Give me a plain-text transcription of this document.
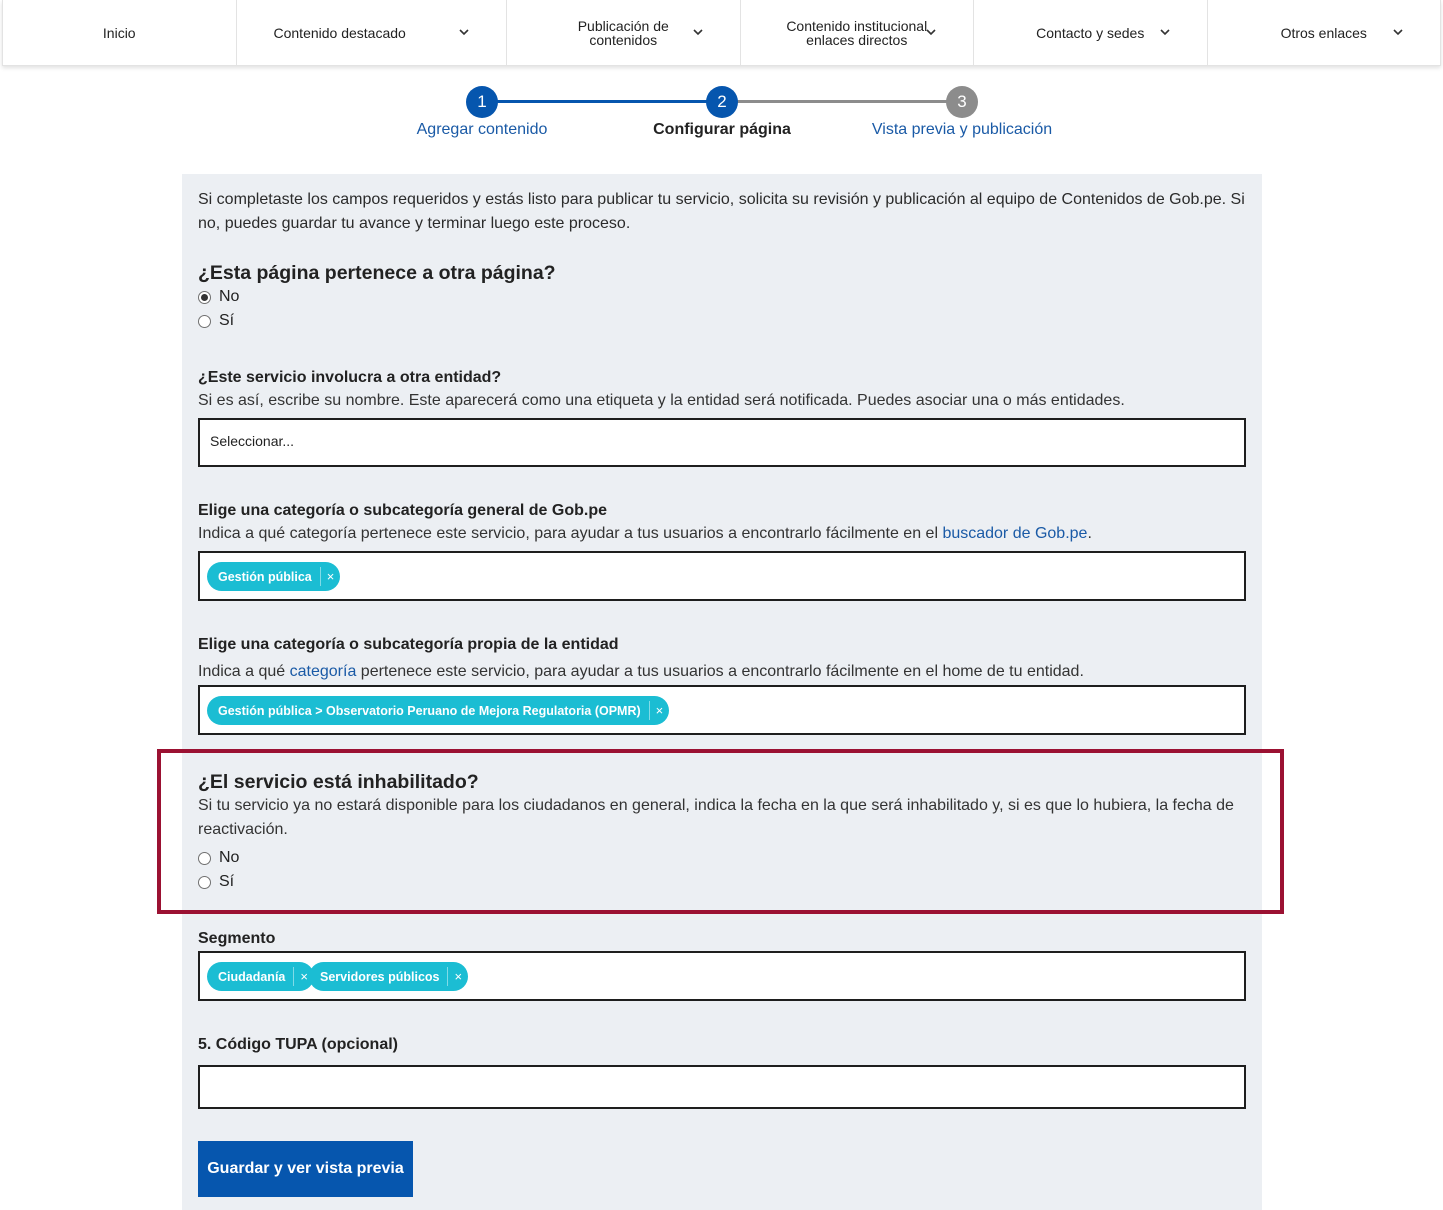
Inicio	Contenido destacado	Publicación de
contenidos
Contenido institucional
enlaces directos	Contacto y sedes	Otros enlaces
1	2	3
Agregar contenido	Configurar página	Vista previa y publicación

Si completaste los campos requeridos y estás listo para publicar tu servicio, solicita su revisión y publicación al equipo de Contenidos de Gob.pe. Si no, puedes guardar tu avance y terminar luego este proceso.

¿Esta página pertenece a otra página?
No
Sí
¿Este servicio involucra a otra entidad?

Si es así, escribe su nombre. Este aparecerá como una etiqueta y la entidad será notificada. Puedes asociar una o más entidades.

Seleccionar...
Elige una categoría o subcategoría general de Gob.pe

Indica a qué categoría pertenece este servicio, para ayudar a tus usuarios a encontrarlo fácilmente en el buscador de Gob.pe.

Gestión pública	×
Elige una categoría o subcategoría propia de la entidad

Indica a qué categoría pertenece este servicio, para ayudar a tus usuarios a encontrarlo fácilmente en el home de tu entidad.

Gestión pública > Observatorio Peruano de Mejora Regulatoria (OPMR)	×
¿El servicio está inhabilitado?

Si tu servicio ya no estará disponible para los ciudadanos en general, indica la fecha en la que será inhabilitado y, si es que lo hubiera, la fecha de reactivación.

No
Sí
Segmento
Ciudadanía	× Servidores públicos	×
5. Código TUPA (opcional)
Guardar y ver vista previa
